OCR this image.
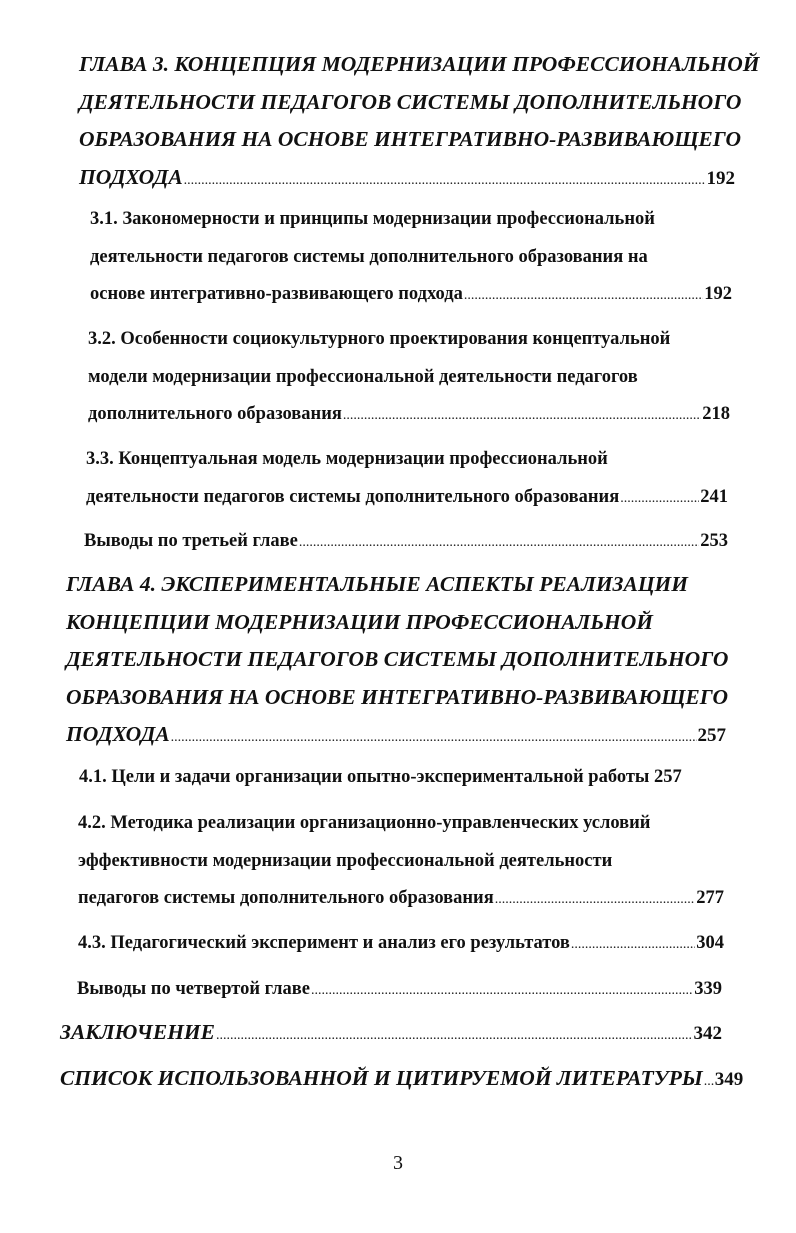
ГЛАВА 3. КОНЦЕПЦИЯ МОДЕРНИЗАЦИИ ПРОФЕССИОНАЛЬНОЙ
ДЕЯТЕЛЬНОСТИ ПЕДАГОГОВ СИСТЕМЫ ДОПОЛНИТЕЛЬНОГО
ОБРАЗОВАНИЯ НА ОСНОВЕ ИНТЕГРАТИВНО-РАЗВИВАЮЩЕГО
ПОДХОДА .....	192
3.1. Закономерности и принципы модернизации профессиональной
деятельности педагогов системы дополнительного образования на
основе интегративно-развивающего подхода .....	192
3.2. Особенности социокультурного проектирования концептуальной
модели модернизации профессиональной деятельности педагогов
дополнительного образования .....	218
3.3. Концептуальная модель модернизации профессиональной
деятельности педагогов системы дополнительного образования .....	241
Выводы по третьей главе .....	253
ГЛАВА 4. ЭКСПЕРИМЕНТАЛЬНЫЕ АСПЕКТЫ РЕАЛИЗАЦИИ
КОНЦЕПЦИИ МОДЕРНИЗАЦИИ ПРОФЕССИОНАЛЬНОЙ
ДЕЯТЕЛЬНОСТИ ПЕДАГОГОВ СИСТЕМЫ ДОПОЛНИТЕЛЬНОГО
ОБРАЗОВАНИЯ НА ОСНОВЕ ИНТЕГРАТИВНО-РАЗВИВАЮЩЕГО
ПОДХОДА .....	257
4.1. Цели и задачи организации опытно-экспериментальной работы 257
4.2. Методика реализации организационно-управленческих условий
эффективности модернизации профессиональной деятельности
педагогов системы дополнительного образования .....	277
4.3. Педагогический эксперимент и анализ его результатов .....	304
Выводы по четвертой главе .....	339
ЗАКЛЮЧЕНИЕ .....	342
СПИСОК ИСПОЛЬЗОВАННОЙ И ЦИТИРУЕМОЙ ЛИТЕРАТУРЫ ..... 349
3
